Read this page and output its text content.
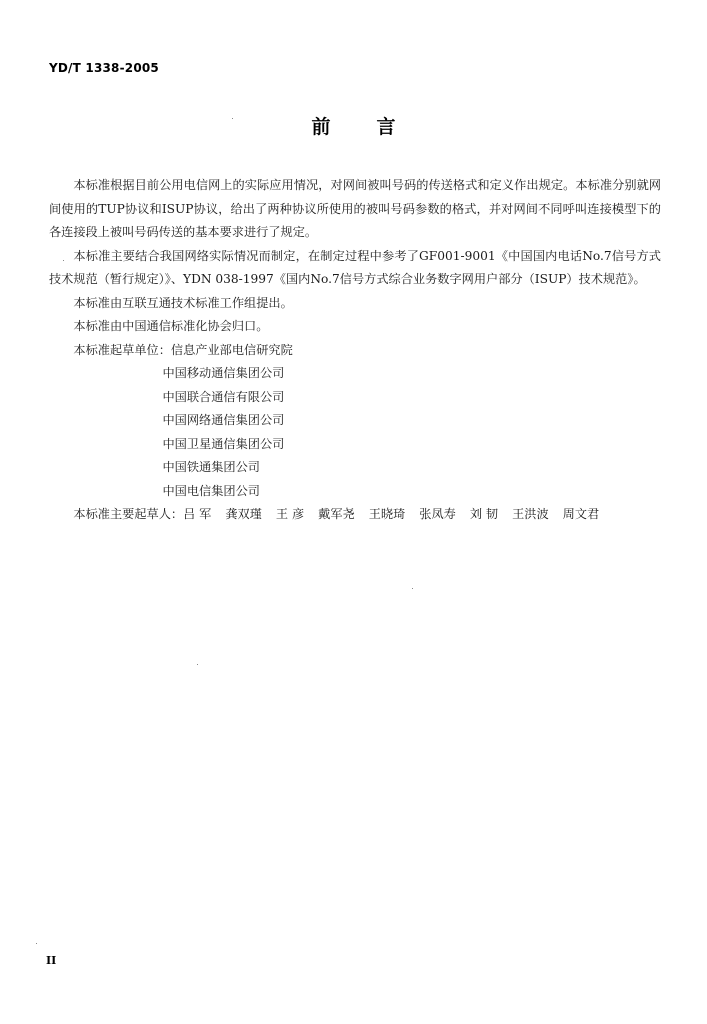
YD/T 1338-2005
前言

本标准根据目前公用电信网上的实际应用情况，对网间被叫号码的传送格式和定义作出规定。本标准分别就网间使用的TUP协议和ISUP协议，给出了两种协议所使用的被叫号码参数的格式，并对网间不同呼叫连接模型下的各连接段上被叫号码传送的基本要求进行了规定。

本标准主要结合我国网络实际情况而制定，在制定过程中参考了GF001-9001《中国国内电话No.7信号方式技术规范（暂行规定）》、YDN 038-1997《国内No.7信号方式综合业务数字网用户部分（ISUP）技术规范》。

本标准由互联互通技术标准工作组提出。

本标准由中国通信标准化协会归口。

本标准起草单位： 信息产业部电信研究院
中国移动通信集团公司
中国联合通信有限公司
中国网络通信集团公司
中国卫星通信集团公司
中国铁通集团公司
中国电信集团公司
本标准主要起草人： 吕 军 龚双瑾 王 彦 戴军尧 王晓琦 张凤寿 刘 韧 王洪波 周文君
II
